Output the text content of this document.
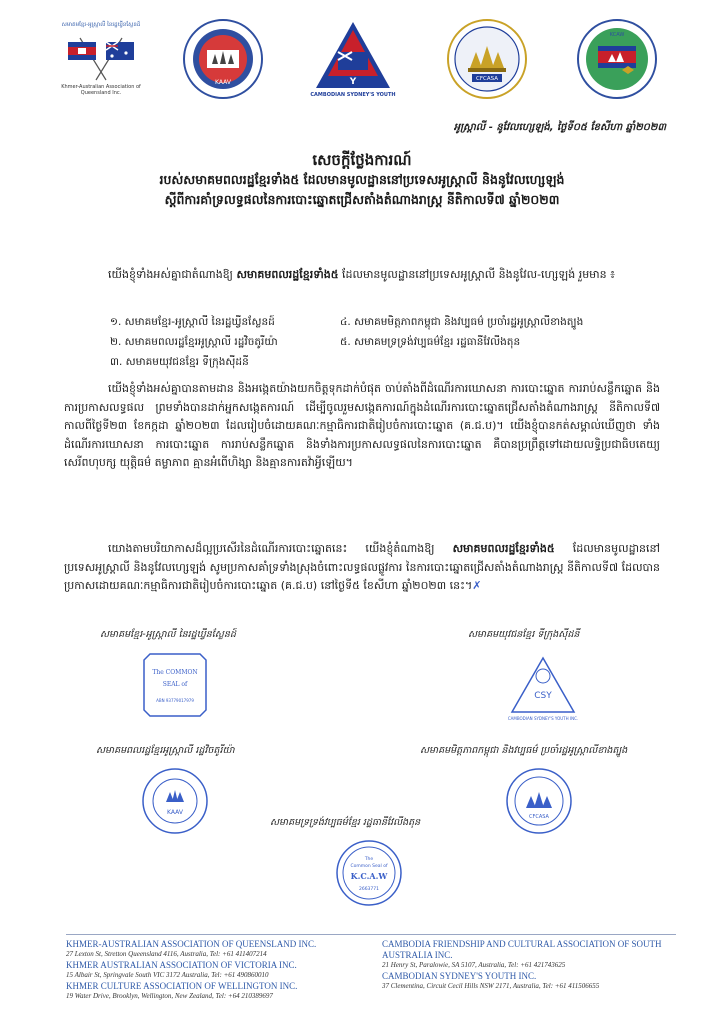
សមាគមខ្មែរ-អូស្ត្រាលី នៃរដ្ឋឃ្វីនស្លែនដ៍
Khmer-Australian Association of Queensland Inc.
KAAV	Y
CAMBODIAN SYDNEY'S YOUTH
CFCASA
KCAW
អូស្ត្រាលី - នូវែលហ្សេឡង់, ថ្ងៃទី០៥ ខែសីហា ឆ្នាំ២០២៣
សេចក្តីថ្លែងការណ៍
របស់សមាគមពលរដ្ឋខ្មែរទាំង៥ ដែលមានមូលដ្ឋាននៅប្រទេសអូស្ត្រាលី និងនូវែលហ្សេឡង់
ស្តីពីការគាំទ្រលទ្ធផលនៃការបោះឆ្នោតជ្រើសតាំងតំណាងរាស្ត្រ នីតិកាលទី៧ ឆ្នាំ២០២៣
យើងខ្ញុំទាំងអស់គ្នាជាតំណាងឱ្យ សមាគមពលរដ្ឋខ្មែរទាំង៥ ដែលមានមូលដ្ឋាននៅប្រទេសអូស្ត្រាលី និងនូវែល-ហ្សេឡង់ រួមមាន ៖
១. សមាគមខ្មែរ-អូស្ត្រាលី នៃរដ្ឋឃ្វីនស្លែនដ៍
២. សមាគមពលរដ្ឋខ្មែរអូស្ត្រាលី រដ្ឋវិចតូរីយ៉ា
៣. សមាគមយុវជនខ្មែរ ទីក្រុងស៊ីដនី
៤. សមាគមមិត្តភាពកម្ពុជា និងវប្បធម៌ ប្រចាំរដ្ឋអូស្ត្រាលីខាងត្បូង
៥. សមាគមទ្រទ្រង់វប្បធម៌ខ្មែរ រដ្ឋធានីវែលីងតុន
យើងខ្ញុំទាំងអស់គ្នាបានតាមដាន និងអង្កេតយ៉ាងយកចិត្តទុកដាក់បំផុត ចាប់តាំងពីដំណើរការឃោសនា ការបោះឆ្នោត ការរាប់សន្លឹកឆ្នោត និងការប្រកាសលទ្ធផល ព្រមទាំងបានដាក់អ្នកសង្កេតការណ៍ ដើម្បីចូលរួមសង្កេតការណ៍ក្នុងដំណើរការបោះឆ្នោតជ្រើសតាំងតំណាងរាស្ត្រ នីតិកាលទី៧ កាលពីថ្ងៃទី២៣ ខែកក្កដា ឆ្នាំ២០២៣ ដែលរៀបចំដោយគណៈកម្មាធិការជាតិរៀបចំការបោះឆ្នោត (គ.ជ.ប)។ យើងខ្ញុំបានកត់សម្គាល់ឃើញថា ទាំងដំណើរការឃោសនា ការបោះឆ្នោត ការរាប់សន្លឹកឆ្នោត និងទាំងការប្រកាសលទ្ធផលនៃការបោះឆ្នោត គឺបានប្រព្រឹត្តទៅដោយលទ្ធិប្រជាធិបតេយ្យ សេរីពហុបក្ស យុត្តិធម៌ តម្លាភាព គ្មានអំពើហិង្សា និងគ្មានការតវ៉ាអ្វីឡើយ។
យោងតាមបរិយាកាសដ៏ល្អប្រសើរនៃដំណើរការបោះឆ្នោតនេះ យើងខ្ញុំតំណាងឱ្យ សមាគមពលរដ្ឋខ្មែរទាំង៥ ដែលមានមូលដ្ឋាននៅប្រទេសអូស្ត្រាលី និងនូវែលហ្សេឡង់ សូមប្រកាសគាំទ្រទាំងស្រុងចំពោះលទ្ធផលផ្លូវការ នៃការបោះឆ្នោតជ្រើសតាំងតំណាងរាស្ត្រ នីតិកាលទី៧ ដែលបានប្រកាសដោយគណៈកម្មាធិការជាតិរៀបចំការបោះឆ្នោត (គ.ជ.ប) នៅថ្ងៃទី៥ ខែសីហា ឆ្នាំ២០២៣ នេះ។✗
សមាគមខ្មែរ-អូស្ត្រាលី នៃរដ្ឋឃ្វីនស្លែនដ៍
The COMMON
SEAL of
ABN 93779017979
សមាគមយុវជនខ្មែរ ទីក្រុងស៊ីដនី
CSY
CAMBODIAN SYDNEY'S YOUTH INC.
សមាគមពលរដ្ឋខ្មែរអូស្ត្រាលី រដ្ឋវិចតូរីយ៉ា
KAAV
សមាគមមិត្តភាពកម្ពុជា និងវប្បធម៌ ប្រចាំរដ្ឋអូស្ត្រាលីខាងត្បូង
CFCASA
សមាគមទ្រទ្រង់វប្បធម៌ខ្មែរ រដ្ឋធានីវែលីងតុន
The
Common Seal of
K.C.A.W
2663771
KHMER-AUSTRALIAN ASSOCIATION OF QUEENSLAND INC.
27 Lexton St, Stretton Queensland 4116, Australia, Tel: +61 411407214
KHMER AUSTRALIAN ASSOCIATION OF VICTORIA INC.
15 Albair St, Springvale South VIC 3172 Australia, Tel: +61 490860010
KHMER CULTURE ASSOCIATION OF WELLINGTON INC.
19 Water Drive, Brooklyn, Wellington, New Zealand, Tel: +64 210389697
CAMBODIA FRIENDSHIP AND CULTURAL ASSOCIATION OF SOUTH AUSTRALIA INC.
21 Henry St, Paralowie, SA 5107, Australia, Tel: +61 421743625
CAMBODIAN SYDNEY'S YOUTH INC.
37 Clementina, Circuit Cecil Hills NSW 2171, Australia, Tel: +61 411506655
